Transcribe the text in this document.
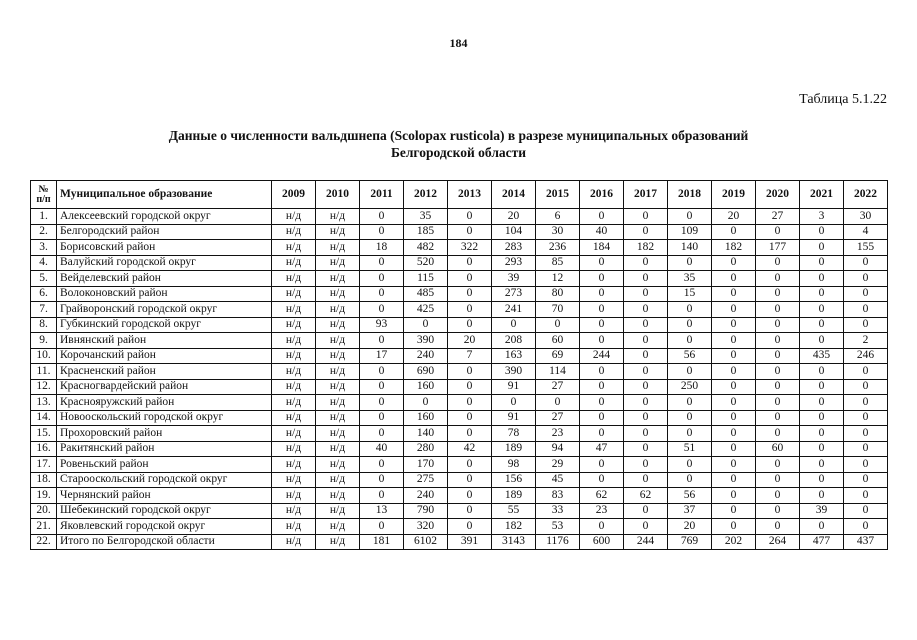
184
Таблица 5.1.22
Данные о численности вальдшнепа (Scolopax rusticola) в разрезе муниципальных образований
Белгородской области
№
п/п	Муниципальное образование	2009	2010	2011	2012	2013	2014	2015	2016	2017	2018	2019	2020	2021	2022
1.	Алексеевский городской округ	н/д	н/д	0	35	0	20	6	0	0	0	20	27	3	30
2.	Белгородский район	н/д	н/д	0	185	0	104	30	40	0	109	0	0	0	4
3.	Борисовский район	н/д	н/д	18	482	322	283	236	184	182	140	182	177	0	155
4.	Валуйский городской округ	н/д	н/д	0	520	0	293	85	0	0	0	0	0	0	0
5.	Вейделевский район	н/д	н/д	0	115	0	39	12	0	0	35	0	0	0	0
6.	Волоконовский район	н/д	н/д	0	485	0	273	80	0	0	15	0	0	0	0
7.	Грайворонский городской округ	н/д	н/д	0	425	0	241	70	0	0	0	0	0	0	0
8.	Губкинский городской округ	н/д	н/д	93	0	0	0	0	0	0	0	0	0	0	0
9.	Ивнянский район	н/д	н/д	0	390	20	208	60	0	0	0	0	0	0	2
10.	Корочанский район	н/д	н/д	17	240	7	163	69	244	0	56	0	0	435	246
11.	Красненский район	н/д	н/д	0	690	0	390	114	0	0	0	0	0	0	0
12.	Красногвардейский район	н/д	н/д	0	160	0	91	27	0	0	250	0	0	0	0
13.	Краснояружский район	н/д	н/д	0	0	0	0	0	0	0	0	0	0	0	0
14.	Новооскольский городской округ	н/д	н/д	0	160	0	91	27	0	0	0	0	0	0	0
15.	Прохоровский район	н/д	н/д	0	140	0	78	23	0	0	0	0	0	0	0
16.	Ракитянский район	н/д	н/д	40	280	42	189	94	47	0	51	0	60	0	0
17.	Ровеньский район	н/д	н/д	0	170	0	98	29	0	0	0	0	0	0	0
18.	Старооскольский городской округ	н/д	н/д	0	275	0	156	45	0	0	0	0	0	0	0
19.	Чернянский район	н/д	н/д	0	240	0	189	83	62	62	56	0	0	0	0
20.	Шебекинский городской округ	н/д	н/д	13	790	0	55	33	23	0	37	0	0	39	0
21.	Яковлевский городской округ	н/д	н/д	0	320	0	182	53	0	0	20	0	0	0	0
22.	Итого по Белгородской области	н/д	н/д	181	6102	391	3143	1176	600	244	769	202	264	477	437
